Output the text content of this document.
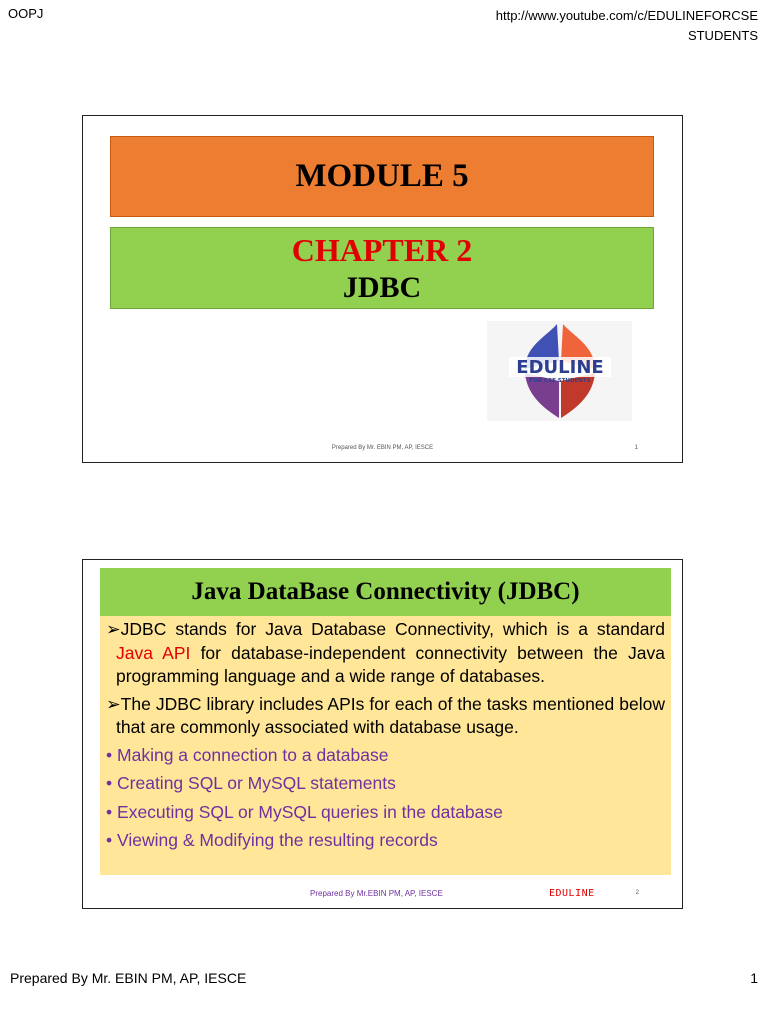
OOPJ	http://www.youtube.com/c/EDULINEFORCSE
STUDENTS
MODULE 5
CHAPTER 2
JDBC
EDULINE
FOR CSE STUDENTS
Prepared By Mr. EBIN PM, AP, IESCE	1
Java DataBase Connectivity (JDBC)

➢JDBC stands for Java Database Connectivity, which is a standard Java API for database-independent connectivity between the Java programming language and a wide range of databases.

➢The JDBC library includes APIs for each of the tasks mentioned below that are commonly associated with database usage.

• Making a connection to a database
• Creating SQL or MySQL statements
• Executing SQL or MySQL queries in the database
• Viewing & Modifying the resulting records
Prepared By Mr.EBIN PM, AP, IESCE	EDULINE	2
Prepared By Mr. EBIN PM, AP, IESCE	1
